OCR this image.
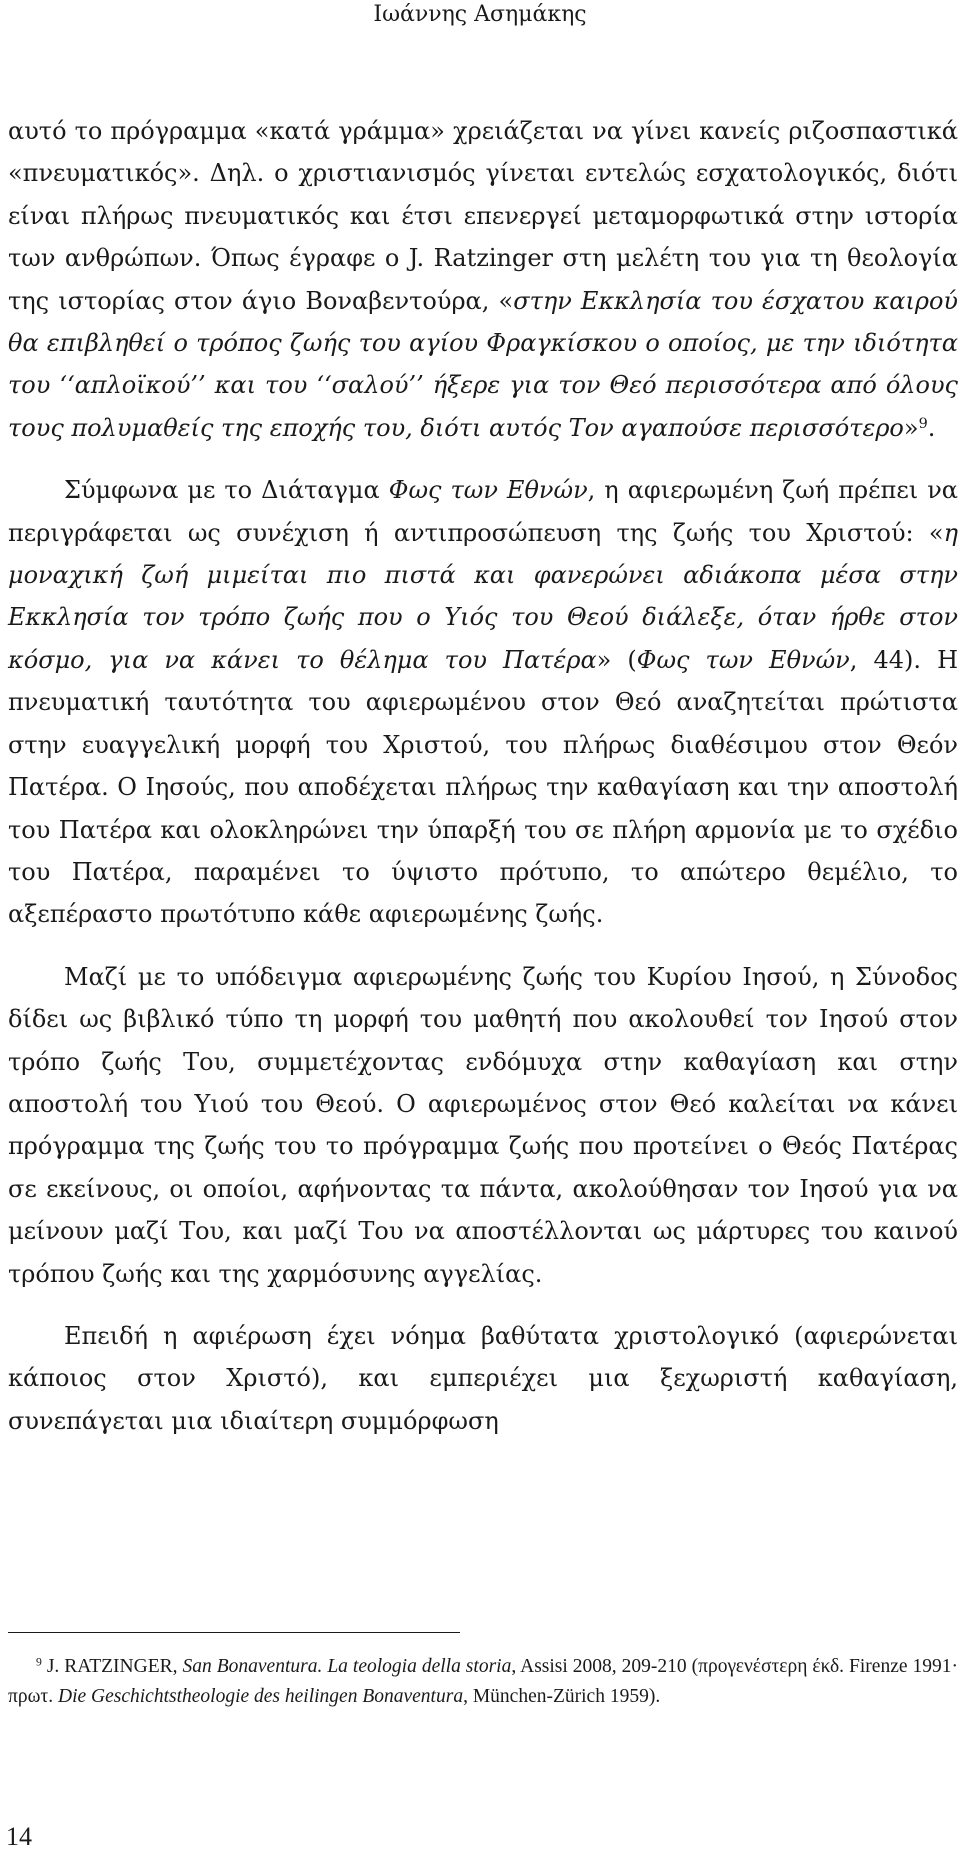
Ιωάννης Ασημάκης

αυτό το πρόγραμμα «κατά γράμμα» χρειάζεται να γίνει κανείς ριζοσπαστικά «πνευματικός». Δηλ. ο χριστιανισμός γίνεται εντελώς εσχατολογικός, διότι είναι πλήρως πνευματικός και έτσι επενεργεί μεταμορφωτικά στην ιστορία των ανθρώπων. Όπως έγραφε ο J. Ratzinger στη μελέτη του για τη θεολογία της ιστορίας στον άγιο Βοναβεντούρα, «στην Εκκλησία του έσχατου καιρού θα επιβληθεί ο τρόπος ζωής του αγίου Φραγκίσκου ο οποίος, με την ιδιότητα του ‘‘απλοϊκού’’ και του ‘‘σαλού’’ ήξερε για τον Θεό περισσότερα από όλους τους πολυμαθείς της εποχής του, διότι αυτός Τον αγαπούσε περισσότερο»$^9$.

Σύμφωνα με το Διάταγμα Φως των Εθνών, η αφιερωμένη ζωή πρέπει να περιγράφεται ως συνέχιση ή αντιπροσώπευση της ζωής του Χριστού: «η μοναχική ζωή μιμείται πιο πιστά και φανερώνει αδιάκοπα μέσα στην Εκκλησία τον τρόπο ζωής που ο Υιός του Θεού διάλεξε, όταν ήρθε στον κόσμο, για να κάνει το θέλημα του Πατέρα» (Φως των Εθνών, 44). Η πνευματική ταυτότητα του αφιερωμένου στον Θεό αναζητείται πρώτιστα στην ευαγγελική μορφή του Χριστού, του πλήρως διαθέσιμου στον Θεόν Πατέρα. Ο Ιησούς, που αποδέχεται πλήρως την καθαγίαση και την αποστολή του Πατέρα και ολοκληρώνει την ύπαρξή του σε πλήρη αρμονία με το σχέδιο του Πατέρα, παραμένει το ύψιστο πρότυπο, το απώτερο θεμέλιο, το αξεπέραστο πρωτότυπο κάθε αφιερωμένης ζωής.

Μαζί με το υπόδειγμα αφιερωμένης ζωής του Κυρίου Ιησού, η Σύνοδος δίδει ως βιβλικό τύπο τη μορφή του μαθητή που ακολουθεί τον Ιησού στον τρόπο ζωής Του, συμμετέχοντας ενδόμυχα στην καθαγίαση και στην αποστολή του Υιού του Θεού. Ο αφιερωμένος στον Θεό καλείται να κάνει πρόγραμμα της ζωής του το πρόγραμμα ζωής που προτείνει ο Θεός Πατέρας σε εκείνους, οι οποίοι, αφήνοντας τα πάντα, ακολούθησαν τον Ιησού για να μείνουν μαζί Του, και μαζί Του να αποστέλλονται ως μάρτυρες του καινού τρόπου ζωής και της χαρμόσυνης αγγελίας.

Επειδή η αφιέρωση έχει νόημα βαθύτατα χριστολογικό (αφιερώνεται κάποιος στον Χριστό), και εμπεριέχει μια ξεχωριστή καθαγίαση, συνεπάγεται μια ιδιαίτερη συμμόρφωση

$^9$ J. RATZINGER, San Bonaventura. La teologia della storia, Assisi 2008, 209-210 (προγενέστερη έκδ. Firenze 1991· πρωτ. Die Geschichtstheologie des heilingen Bonaventura, München-Zürich 1959).

14
